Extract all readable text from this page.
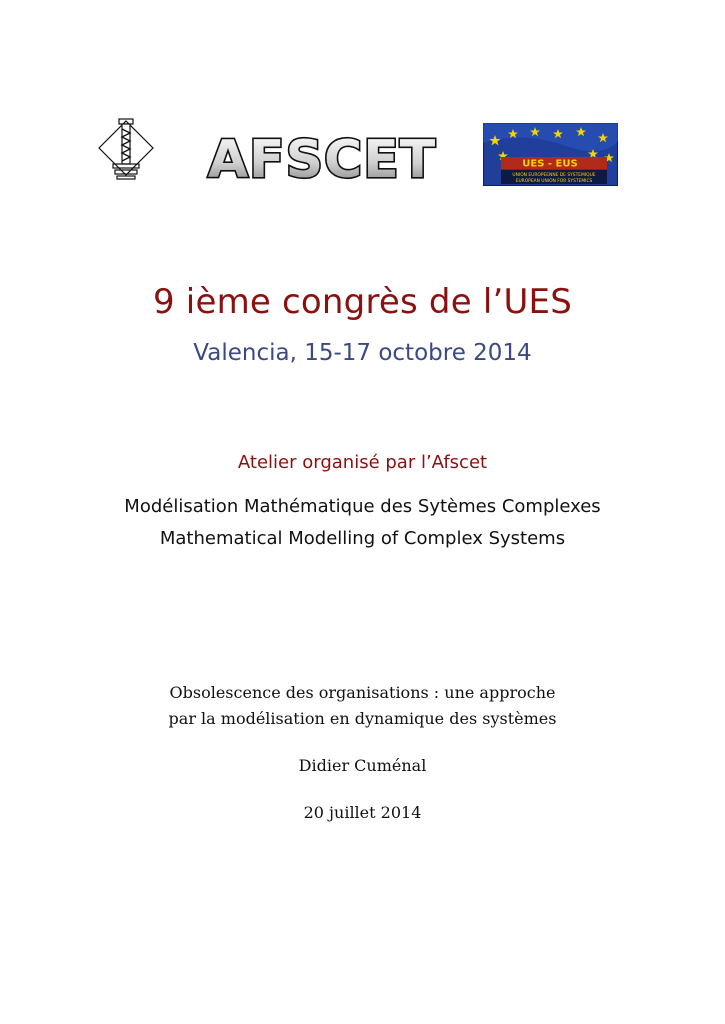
AFSCET	UES - EUS
UNION EUROPEENNE DE SYSTEMIQUE
EUROPEAN UNION FOR SYSTEMICS
9 ième congrès de l’UES
Valencia, 15-17 octobre 2014
Atelier organisé par l’Afscet
Modélisation Mathématique des Sytèmes Complexes
Mathematical Modelling of Complex Systems
Obsolescence des organisations : une approche
par la modélisation en dynamique des systèmes
Didier Cuménal
20 juillet 2014
